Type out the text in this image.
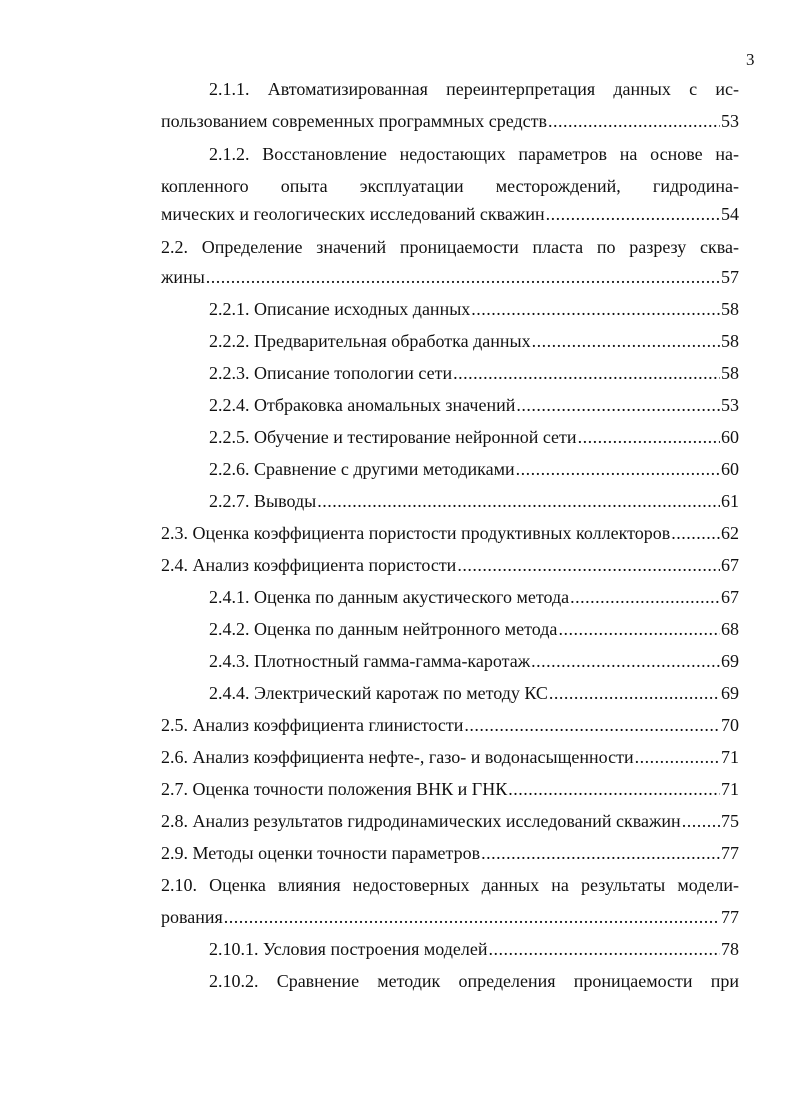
3
2.1.1. Автоматизированная переинтерпретация данных с ис-
пользованием современных программных средств .....	53
2.1.2. Восстановление недостающих параметров на основе на-
копленного опыта эксплуатации месторождений, гидродина-
мических и геологических исследований скважин .....	54
2.2. Определение значений проницаемости пласта по разрезу сква-
жины .....	57
2.2.1. Описание исходных данных .....	58
2.2.2. Предварительная обработка данных .....	58
2.2.3. Описание топологии сети .....	58
2.2.4. Отбраковка аномальных значений .....	53
2.2.5. Обучение и тестирование нейронной сети .....	60
2.2.6. Сравнение с другими методиками .....	60
2.2.7. Выводы .....	61
2.3. Оценка коэффициента пористости продуктивных коллекторов .....	62
2.4. Анализ коэффициента пористости .....	67
2.4.1. Оценка по данным акустического метода .....	67
2.4.2. Оценка по данным нейтронного метода .....	68
2.4.3. Плотностный гамма-гамма-каротаж .....	69
2.4.4. Электрический каротаж по методу КС .....	69
2.5. Анализ коэффициента глинистости .....	70
2.6. Анализ коэффициента нефте-, газо- и водонасыщенности .....	71
2.7. Оценка точности положения ВНК и ГНК .....	71
2.8. Анализ результатов гидродинамических исследований скважин ..... 75
2.9. Методы оценки точности параметров .....	77
2.10. Оценка влияния недостоверных данных на результаты модели-
рования .....	77
2.10.1. Условия построения моделей .....	78
2.10.2. Сравнение методик определения проницаемости при
